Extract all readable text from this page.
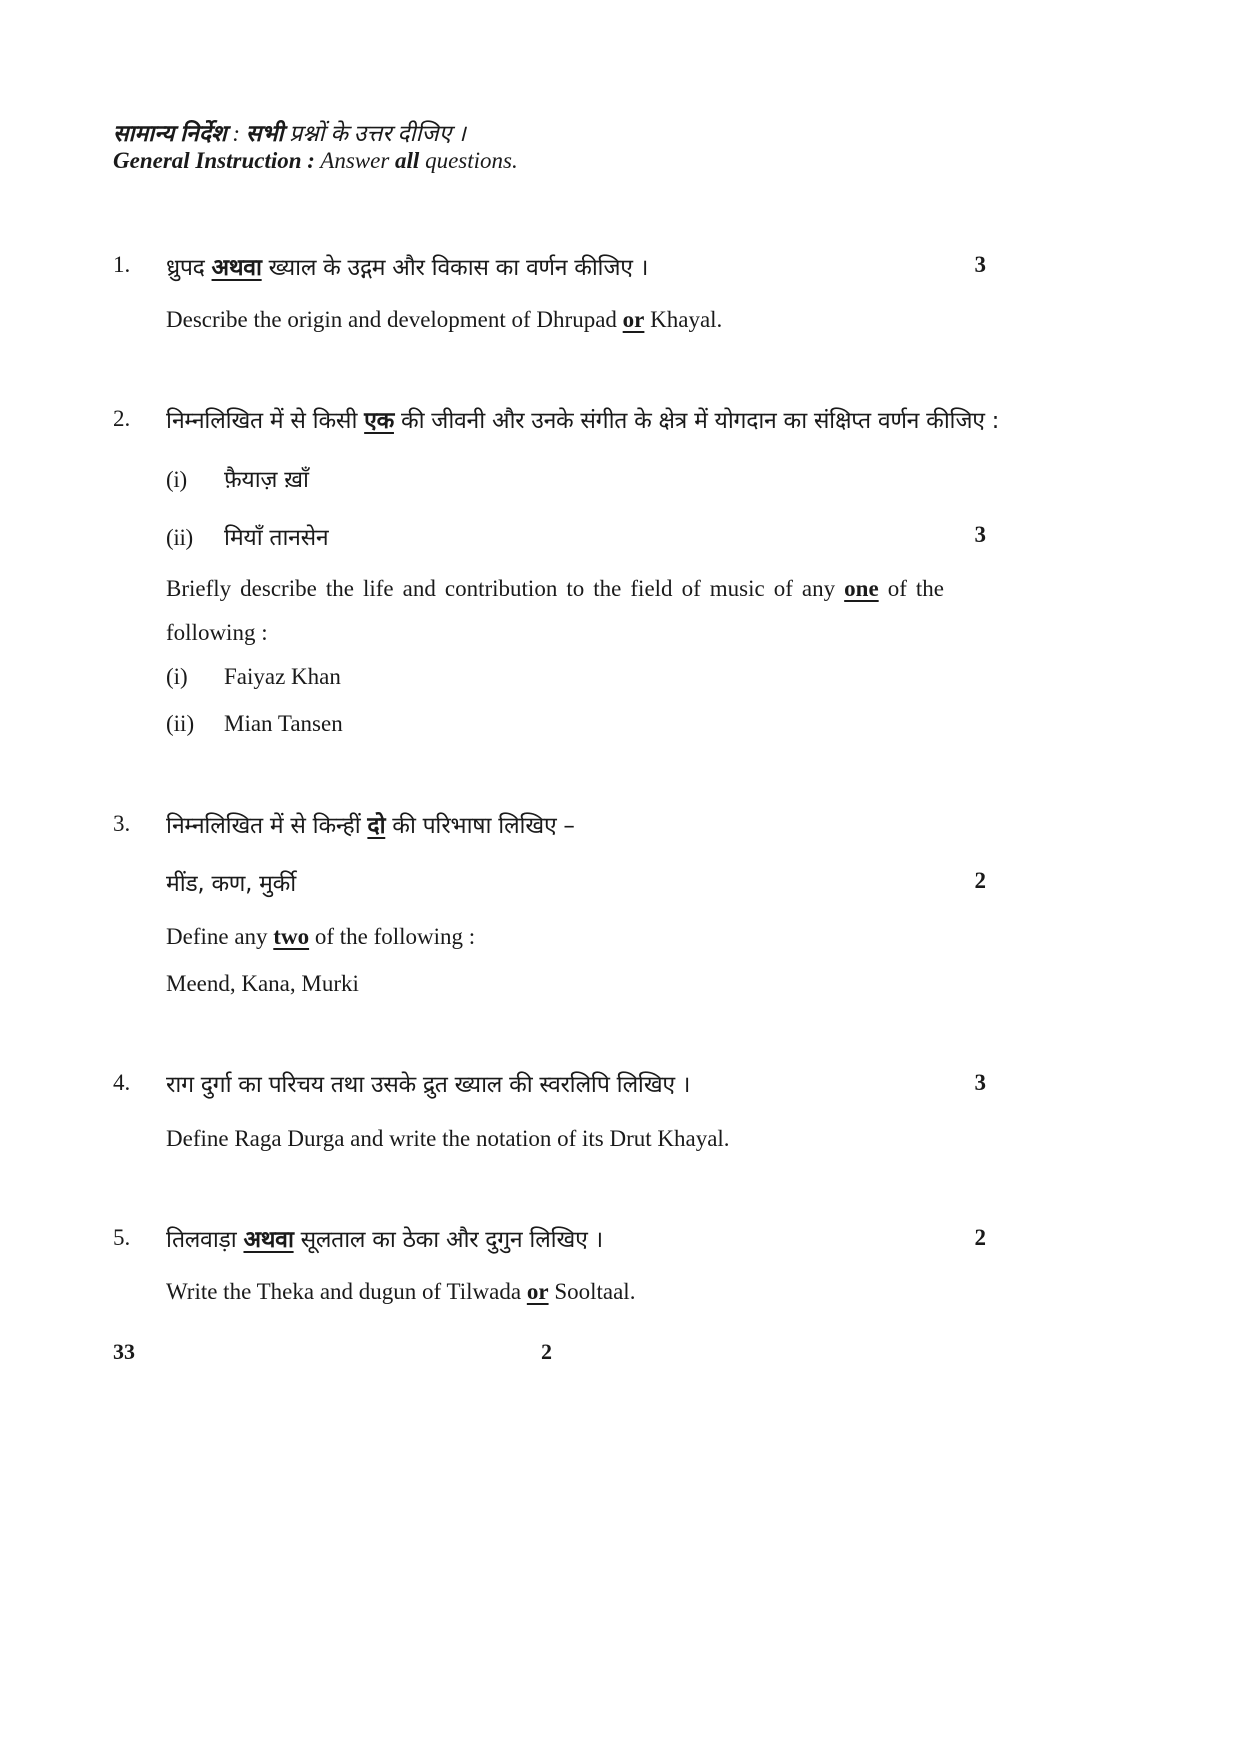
सामान्य निर्देश : सभी प्रश्नों के उत्तर दीजिए ।
General Instruction : Answer all questions.
1. ध्रुपद अथवा ख्याल के उद्गम और विकास का वर्णन कीजिए ।	3
Describe the origin and development of Dhrupad or Khayal.
2. निम्नलिखित में से किसी एक की जीवनी और उनके संगीत के क्षेत्र में योगदान का संक्षिप्त वर्णन कीजिए :
(i) फ़ैयाज़ ख़ाँ
(ii) मियाँ तानसेन	3
Briefly describe the life and contribution to the field of music of any one of the following :
(i) Faiyaz Khan
(ii) Mian Tansen
3. निम्नलिखित में से किन्हीं दो की परिभाषा लिखिए –
मींड, कण, मुर्की	2
Define any two of the following :
Meend, Kana, Murki
4. राग दुर्गा का परिचय तथा उसके द्रुत ख्याल की स्वरलिपि लिखिए ।	3
Define Raga Durga and write the notation of its Drut Khayal.
5. तिलवाड़ा अथवा सूलताल का ठेका और दुगुन लिखिए ।	2
Write the Theka and dugun of Tilwada or Sooltaal.
33	2
